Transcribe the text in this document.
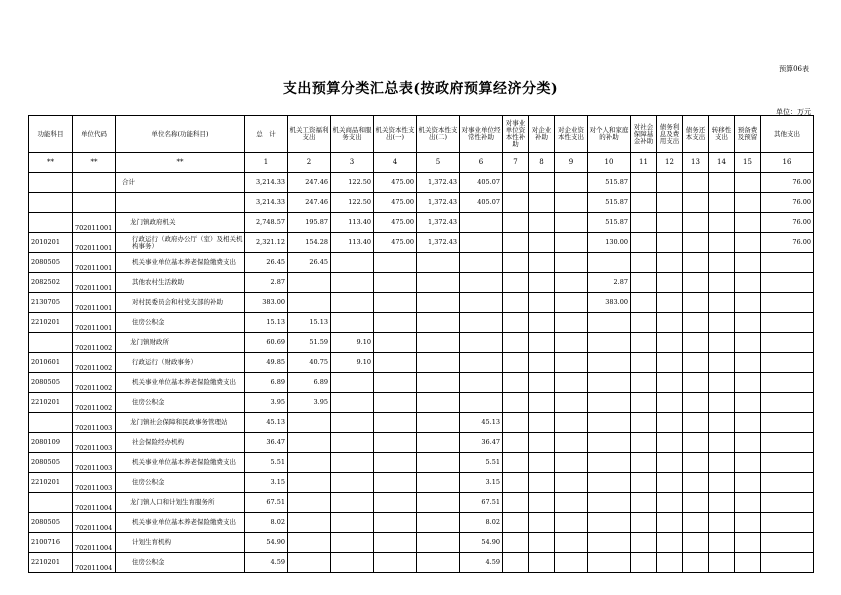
预算06表
支出预算分类汇总表(按政府预算经济分类)
单位：万元
功能科目	单位代码	单位名称(功能科目)	总　计	机关工资福利支出	机关商品和服务支出	机关资本性支出(一)	机关资本性支出(二)	对事业单位经常性补助	对事业单位资本性补助	对企业补助	对企业资本性支出	对个人和家庭的补助	对社会保障基金补助	债务利息及费用支出	债务还本支出	转移性支出	预备费及预留	其他支出
**	**	**	1	2	3	4	5	6	7	8	9	10	11	12	13	14	15	16
		合计	3,214.33	247.46	122.50	475.00	1,372.43	405.07				515.87						76.00
			3,214.33	247.46	122.50	475.00	1,372.43	405.07				515.87						76.00
	702011001	龙门镇政府机关	2,748.57	195.87	113.40	475.00	1,372.43					515.87						76.00
2010201	702011001	行政运行（政府办公厅（室）及相关机构事务）	2,321.12	154.28	113.40	475.00	1,372.43					130.00						76.00
2080505	702011001	机关事业单位基本养老保险缴费支出	26.45	26.45														
2082502	702011001	其他农村生活救助	2.87									2.87						
2130705	702011001	对村民委员会和村党支部的补助	383.00									383.00						
2210201	702011001	住房公积金	15.13	15.13														
	702011002	龙门镇财政所	60.69	51.59	9.10													
2010601	702011002	行政运行（财政事务）	49.85	40.75	9.10													
2080505	702011002	机关事业单位基本养老保险缴费支出	6.89	6.89														
2210201	702011002	住房公积金	3.95	3.95														
	702011003	龙门镇社会保障和民政事务管理站	45.13					45.13										
2080109	702011003	社会保险经办机构	36.47					36.47										
2080505	702011003	机关事业单位基本养老保险缴费支出	5.51					5.51										
2210201	702011003	住房公积金	3.15					3.15										
	702011004	龙门镇人口和计划生育服务所	67.51					67.51										
2080505	702011004	机关事业单位基本养老保险缴费支出	8.02					8.02										
2100716	702011004	计划生育机构	54.90					54.90										
2210201	702011004	住房公积金	4.59					4.59										
